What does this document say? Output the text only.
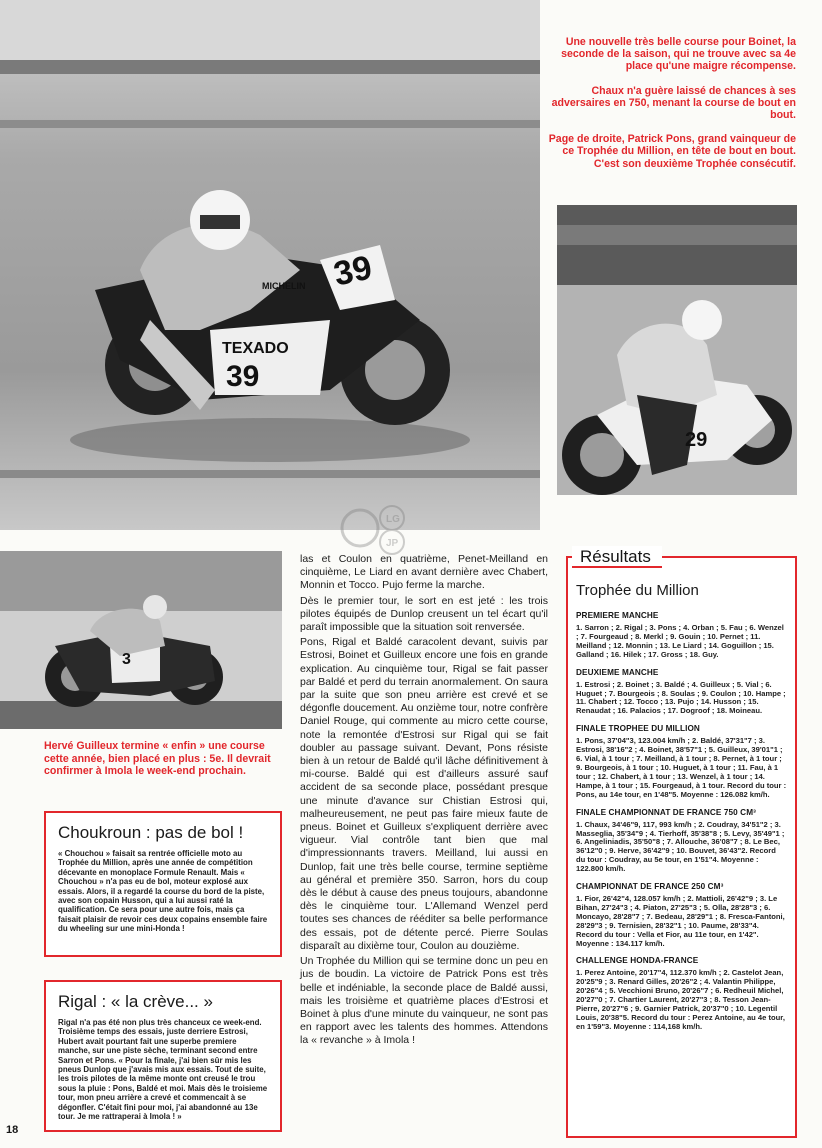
39
39
TEXADO
MICHELIN

Une nouvelle très belle course pour Boinet, la seconde de la saison, qui ne trouve avec sa 4e place qu'une maigre récompense.

Chaux n'a guère laissé de chances à ses adversaires en 750, menant la course de bout en bout.

Page de droite, Patrick Pons, grand vainqueur de ce Trophée du Million, en tête de bout en bout. C'est son deuxième Trophée consécutif.

29
3
LG
JP
Hervé Guilleux termine « enfin » une course cette année, bien placé en plus : 5e. Il devrait confirmer à Imola le week-end prochain.
Choukroun : pas de bol !
« Chouchou » faisait sa rentrée officielle moto au Trophée du Million, après une année de compétition décevante en monoplace Formule Renault. Mais « Chouchou » n'a pas eu de bol, moteur explosé aux essais. Alors, il a regardé la course du bord de la piste, avec son copain Husson, qui a lui aussi raté la qualification. Ce sera pour une autre fois, mais ça faisait plaisir de revoir ces deux copains ensemble faire du wheeling sur une mini-Honda !
Rigal : « la crève... »
Rigal n'a pas été non plus très chanceux ce week-end. Troisième temps des essais, juste derriere Estrosi, Hubert avait pourtant fait une superbe premiere manche, sur une piste sèche, terminant second entre Sarron et Pons. « Pour la finale, j'ai bien sûr mis les pneus Dunlop que j'avais mis aux essais. Tout de suite, les trois pilotes de la même monte ont creusé le trou sous la pluie : Pons, Baldé et moi. Mais dès le troisieme tour, mon pneu arrière a crevé et commencait à se dégonfler. C'était fini pour moi, j'ai abandonné au 13e tour. Je me rattraperai à Imola ! »

las et Coulon en quatrième, Penet-Meilland en cinquième, Le Liard en avant dernière avec Chabert, Monnin et Tocco. Pujo ferme la marche.

Dès le premier tour, le sort en est jeté : les trois pilotes équipés de Dunlop creusent un tel écart qu'il paraît impossible que la situation soit renversée.

Pons, Rigal et Baldé caracolent devant, suivis par Estrosi, Boinet et Guilleux encore une fois en grande explication. Au cinquième tour, Rigal se fait passer par Baldé et perd du terrain anormalement. On saura par la suite que son pneu arrière est crevé et se dégonfle doucement. Au onzième tour, notre confrère Daniel Rouge, qui commente au micro cette course, note la remontée d'Estrosi sur Rigal qui se fait doubler au passage suivant. Devant, Pons résiste bien à un retour de Baldé qu'il lâche définitivement à mi-course. Baldé qui est d'ailleurs assuré sauf accident de sa seconde place, possédant presque une minute d'avance sur Chistian Estrosi qui, malheureusement, ne peut pas faire mieux faute de pneus. Boinet et Guilleux s'expliquent derrière avec vigueur. Vial contrôle tant bien que mal d'impressionnants travers. Meilland, lui aussi en Dunlop, fait une très belle course, termine septième au général et première 350. Sarron, hors du coup dès le début à cause des pneus toujours, abandonne dès le cinquième tour. L'Allemand Wenzel perd toutes ses chances de rééditer sa belle performance des essais, pot de détente percé. Pierre Soulas disparaît au dixième tour, Coulon au douzième.

Un Trophée du Million qui se termine donc un peu en jus de boudin. La victoire de Patrick Pons est très belle et indéniable, la seconde place de Baldé aussi, mais les troisième et quatrième places d'Estrosi et Boinet à plus d'une minute du vainqueur, ne sont pas en rapport avec les talents des hommes. Attendons la « revanche » à Imola !

Résultats
Trophée du Million
PREMIERE MANCHE
1. Sarron ; 2. Rigal ; 3. Pons ; 4. Orban ; 5. Fau ; 6. Wenzel ; 7. Fourgeaud ; 8. Merkl ; 9. Gouin ; 10. Pernet ; 11. Meilland ; 12. Monnin ; 13. Le Liard ; 14. Goguillon ; 15. Galland ; 16. Hilek ; 17. Gross ; 18. Guy.
DEUXIEME MANCHE
1. Estrosi ; 2. Boinet ; 3. Baldé ; 4. Guilleux ; 5. Vial ; 6. Huguet ; 7. Bourgeois ; 8. Soulas ; 9. Coulon ; 10. Hampe ; 11. Chabert ; 12. Tocco ; 13. Pujo ; 14. Husson ; 15. Renaudat ; 16. Palacios ; 17. Dogroof ; 18. Moineau.
FINALE TROPHEE DU MILLION
1. Pons, 37'04"3, 123.004 km/h ; 2. Baldé, 37'31"7 ; 3. Estrosi, 38'16"2 ; 4. Boinet, 38'57"1 ; 5. Guilleux, 39'01"1 ; 6. Vial, à 1 tour ; 7. Meilland, à 1 tour ; 8. Pernet, à 1 tour ; 9. Bourgeois, à 1 tour ; 10. Huguet, à 1 tour ; 11. Fau, à 1 tour ; 12. Chabert, à 1 tour ; 13. Wenzel, à 1 tour ; 14. Hampe, à 1 tour ; 15. Fourgeaud, à 1 tour. Record du tour : Pons, au 14e tour, en 1'48"5. Moyenne : 126.082 km/h.
FINALE CHAMPIONNAT DE FRANCE 750 CM³
1. Chaux, 34'46"9, 117, 993 km/h ; 2. Coudray, 34'51"2 ; 3. Masseglia, 35'34"9 ; 4. Tierhoff, 35'38"8 ; 5. Levy, 35'49"1 ; 6. Angeliniadis, 35'50"8 ; 7. Allouche, 36'08"7 ; 8. Le Bec, 36'12"0 ; 9. Herve, 36'42"9 ; 10. Bouvet, 36'43"2. Record du tour : Coudray, au 5e tour, en 1'51"4. Moyenne : 122.800 km/h.
CHAMPIONNAT DE FRANCE 250 CM³
1. Fior, 26'42"4, 128.057 km/h ; 2. Mattioli, 26'42"9 ; 3. Le Bihan, 27'24"3 ; 4. Piaton, 27'25"3 ; 5. Olla, 28'28"3 ; 6. Moncayo, 28'28"7 ; 7. Bedeau, 28'29"1 ; 8. Fresca-Fantoni, 28'29"3 ; 9. Ternisien, 28'32"1 ; 10. Paume, 28'33"4. Record du tour : Vella et Fior, au 11e tour, en 1'42". Moyenne : 134.117 km/h.
CHALLENGE HONDA-FRANCE
1. Perez Antoine, 20'17"4, 112.370 km/h ; 2. Castelot Jean, 20'25"9 ; 3. Renard Gilles, 20'26"2 ; 4. Valantin Philippe, 20'26"4 ; 5. Vecchioni Bruno, 20'26"7 ; 6. Redheuil Michel, 20'27"0 ; 7. Chartier Laurent, 20'27"3 ; 8. Tesson Jean-Pierre, 20'27"6 ; 9. Garnier Patrick, 20'37"0 ; 10. Legentil Louis, 20'38"5. Record du tour : Perez Antoine, au 4e tour, en 1'59"3. Moyenne : 114,168 km/h.
18
